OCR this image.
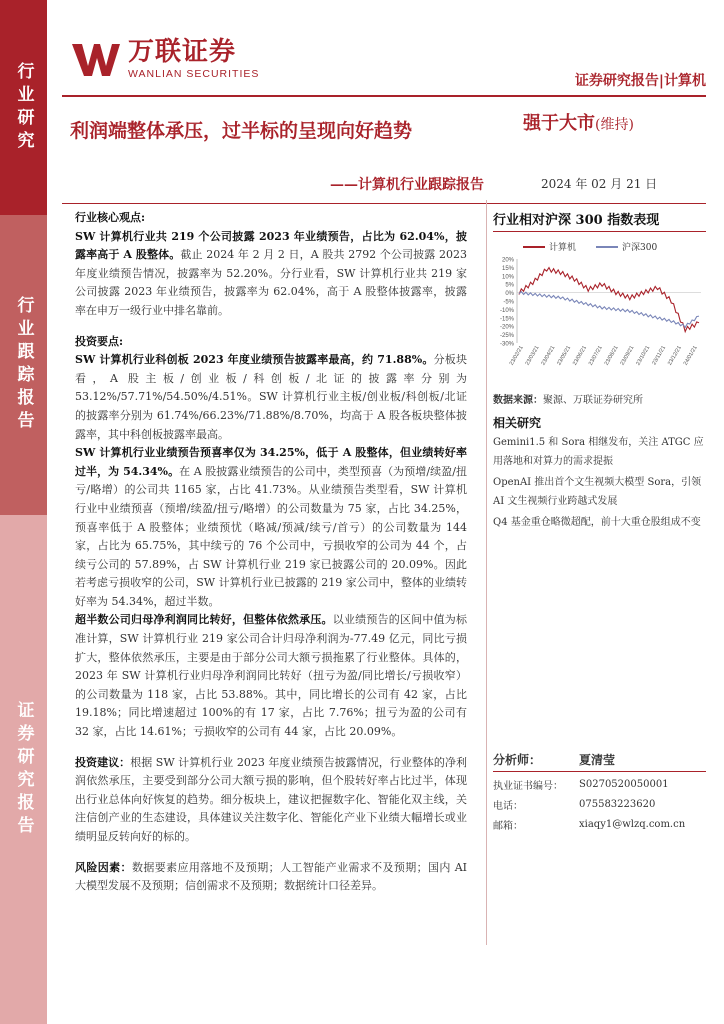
行业研究
行业跟踪报告
证券研究报告
万联证券
WANLIAN SECURITIES	证券研究报告|计算机
利润端整体承压，过半标的呈现向好趋势
——计算机行业跟踪报告
强于大市(维持)
2024 年 02 月 21 日

行业核心观点:

SW 计算机行业共 219 个公司披露 2023 年业绩预告，占比为 62.04%，披露率高于 A 股整体。截止 2024 年 2 月 2 日，A 股共 2792 个公司披露 2023 年度业绩预告情况，披露率为 52.20%。分行业看，SW 计算机行业共 219 家公司披露 2023 年业绩预告，披露率为 62.04%，高于 A 股整体披露率，披露率在申万一级行业中排名靠前。

投资要点:

SW 计算机行业科创板 2023 年度业绩预告披露率最高，约 71.88%。分板块看，A 股主板/创业板/科创板/北证的披露率分别为 53.12%/57.71%/54.50%/4.51%。SW 计算机行业主板/创业板/科创板/北证的披露率分别为 61.74%/66.23%/71.88%/8.70%，均高于 A 股各板块整体披露率，其中科创板披露率最高。

SW 计算机行业业绩预告预喜率仅为 34.25%，低于 A 股整体，但业绩转好率过半，为 54.34%。在 A 股披露业绩预告的公司中，类型预喜（为预增/续盈/扭亏/略增）的公司共 1165 家，占比 41.73%。从业绩预告类型看，SW 计算机行业中业绩预喜（预增/续盈/扭亏/略增）的公司数量为 75 家，占比 34.25%，预喜率低于 A 股整体；业绩预忧（略减/预减/续亏/首亏）的公司数量为 144 家，占比为 65.75%，其中续亏的 76 个公司中，亏损收窄的公司为 44 个，占续亏公司的 57.89%，占 SW 计算机行业 219 家已披露公司的 20.09%。因此若考虑亏损收窄的公司，SW 计算机行业已披露的 219 家公司中，整体的业绩转好率为 54.34%，超过半数。

超半数公司归母净利润同比转好，但整体依然承压。以业绩预告的区间中值为标准计算，SW 计算机行业 219 家公司合计归母净利润为-77.49 亿元，同比亏损扩大，整体依然承压，主要是由于部分公司大额亏损拖累了行业整体。具体的，2023 年 SW 计算机行业归母净利润同比转好（扭亏为盈/同比增长/亏损收窄）的公司数量为 118 家，占比 53.88%。其中，同比增长的公司有 42 家，占比 19.18%；同比增速超过 100%的有 17 家，占比 7.76%；扭亏为盈的公司有 32 家，占比 14.61%；亏损收窄的公司有 44 家，占比 20.09%。

投资建议：根据 SW 计算机行业 2023 年度业绩预告披露情况，行业整体的净利润依然承压，主要受到部分公司大额亏损的影响，但个股转好率占比过半，体现出行业总体向好恢复的趋势。细分板块上，建议把握数字化、智能化双主线，关注信创产业的生态建设，具体建议关注数字化、智能化产业下业绩大幅增长或业绩明显反转向好的标的。

风险因素：数据要素应用落地不及预期；人工智能产业需求不及预期；国内 AI 大模型发展不及预期；信创需求不及预期；数据统计口径差异。

行业相对沪深 300 指数表现
计算机	沪深300
20%
15%
10%
5%
0%
-5%
-10%
-15%
-20%
-25%
-30%
23/02/21 23/03/21 23/04/21 23/05/21 23/06/21 23/07/21 23/08/21 23/09/21 23/10/21 23/11/21 23/12/21 24/01/21
数据来源：聚源、万联证券研究所
相关研究
Gemini1.5 和 Sora 相继发布，关注 ATGC 应用落地和对算力的需求提振
OpenAI 推出首个文生视频大模型 Sora，引领 AI 文生视频行业跨越式发展
Q4 基金重仓略微超配，前十大重仓股组成不变
分析师：	夏清莹
执业证书编号：	S0270520050001
电话：	075583223620
邮箱：	xiaqy1@wlzq.com.cn
